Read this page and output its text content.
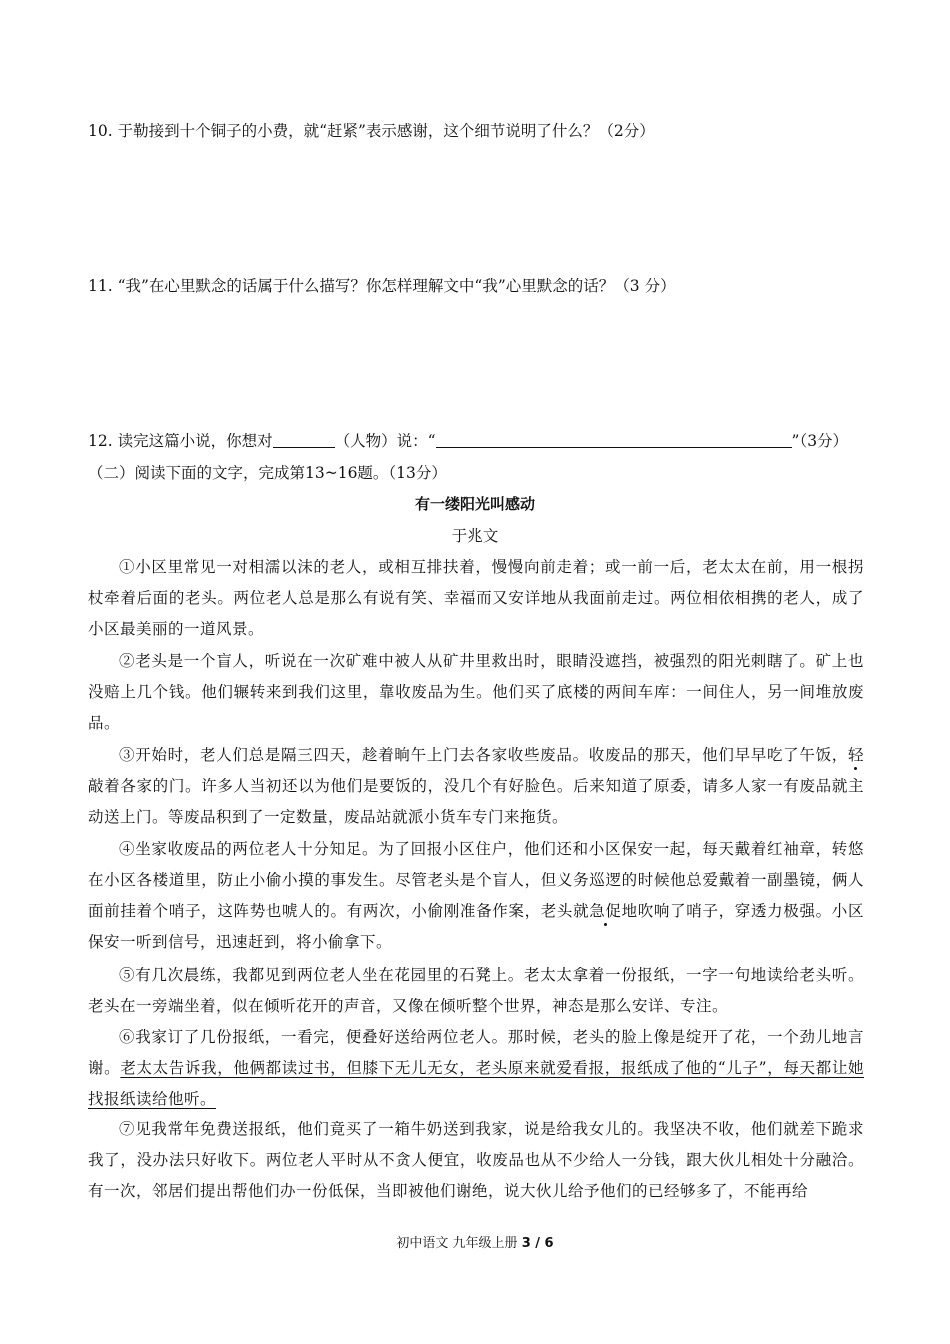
10. 于勒接到十个铜子的小费，就“赶紧”表示感谢，这个细节说明了什么？（2分）
11. “我”在心里默念的话属于什么描写？你怎样理解文中“我”心里默念的话？（3 分）
12. 读完这篇小说，你想对	（人物）说：“	”（3分）
（二）阅读下面的文字，完成第13~16题。（13分）
有一缕阳光叫感动
于兆文
①小区里常见一对相濡以沫的老人，或相互排扶着，慢慢向前走着；或一前一后，老太太在前，用一根拐杖牵着后面的老头。两位老人总是那么有说有笑、幸福而又安详地从我面前走过。两位相依相携的老人，成了小区最美丽的一道风景。
②老头是一个盲人，听说在一次矿难中被人从矿井里救出时，眼睛没遮挡，被强烈的阳光刺瞎了。矿上也没赔上几个钱。他们辗转来到我们这里，靠收废品为生。他们买了底楼的两间车库：一间住人，另一间堆放废品。
③开始时，老人们总是隔三四天，趁着晌午上门去各家收些废品。收废品的那天，他们早早吃了午饭，轻敲着各家的门。许多人当初还以为他们是要饭的，没几个有好脸色。后来知道了原委，请多人家一有废品就主动送上门。等废品积到了一定数量，废品站就派小货车专门来拖货。
④坐家收废品的两位老人十分知足。为了回报小区住户，他们还和小区保安一起，每天戴着红袖章，转悠在小区各楼道里，防止小偷小摸的事发生。尽管老头是个盲人，但义务巡逻的时候他总爱戴着一副墨镜，俩人面前挂着个哨子，这阵势也唬人的。有两次，小偷刚准备作案，老头就急促地吹响了哨子，穿透力极强。小区保安一听到信号，迅速赶到，将小偷拿下。
⑤有几次晨练，我都见到两位老人坐在花园里的石凳上。老太太拿着一份报纸，一字一句地读给老头听。老头在一旁端坐着，似在倾听花开的声音，又像在倾听整个世界，神态是那么安详、专注。
⑥我家订了几份报纸，一看完，便叠好送给两位老人。那时候，老头的脸上像是绽开了花，一个劲儿地言谢。老太太告诉我，他俩都读过书，但膝下无儿无女，老头原来就爱看报，报纸成了他的“儿子”，每天都让她找报纸读给他听。
⑦见我常年免费送报纸，他们竟买了一箱牛奶送到我家，说是给我女儿的。我坚决不收，他们就差下跪求我了，没办法只好收下。两位老人平时从不贪人便宜，收废品也从不少给人一分钱，跟大伙儿相处十分融洽。有一次，邻居们提出帮他们办一份低保，当即被他们谢绝，说大伙儿给予他们的已经够多了，不能再给
初中语文 九年级上册 3 / 6
